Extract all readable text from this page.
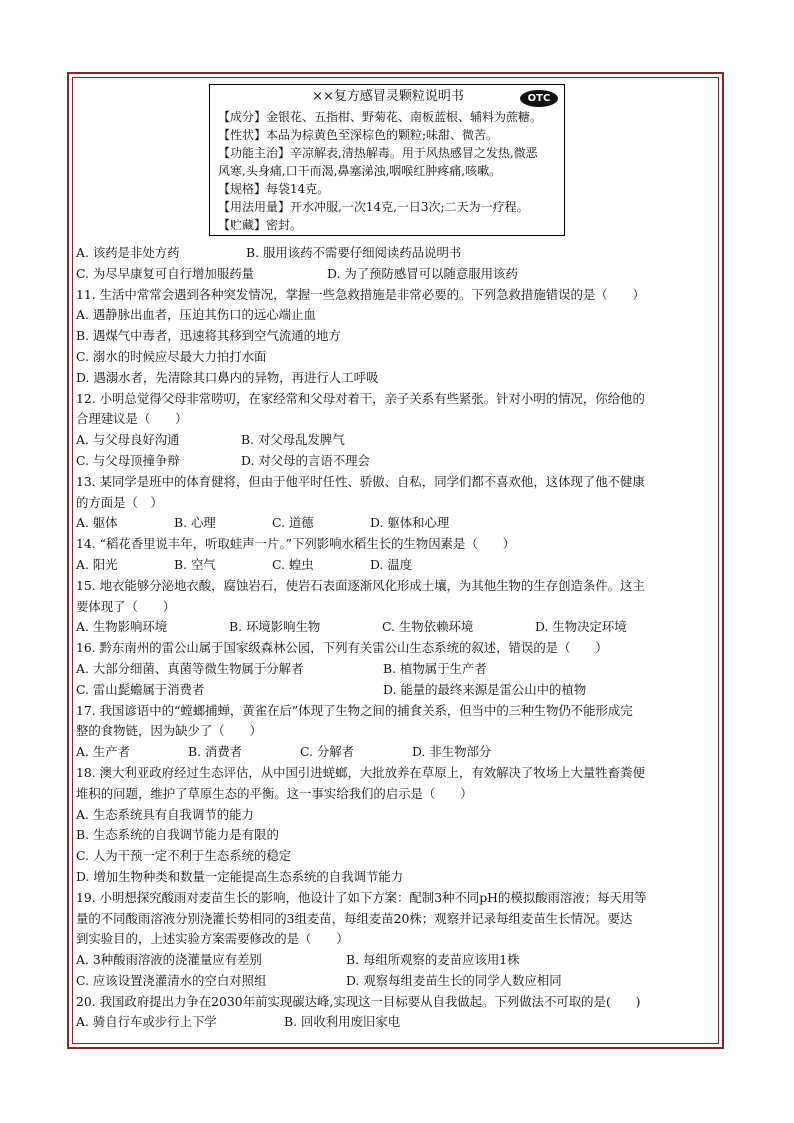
××复方感冒灵颗粒说明书	OTC
【成分】金银花、五指柑、野菊花、南板蓝根、辅料为蔗糖。
【性状】本品为棕黄色至深棕色的颗粒;味甜、微苦。
【功能主治】辛凉解表,清热解毒。用于风热感冒之发热,微恶
风寒,头身痛,口干而渴,鼻塞涕浊,咽喉红肿疼痛,咳嗽。
【规格】每袋14克。
【用法用量】开水冲服,一次14克,一日3次;二天为一疗程。
【贮藏】密封。
A. 该药是非处方药	B. 服用该药不需要仔细阅读药品说明书
C. 为尽早康复可自行增加服药量	D. 为了预防感冒可以随意服用该药
11. 生活中常常会遇到各种突发情况，掌握一些急救措施是非常必要的。下列急救措施错误的是（　　）
A. 遇静脉出血者，压迫其伤口的远心端止血
B. 遇煤气中毒者，迅速将其移到空气流通的地方
C. 溺水的时候应尽最大力拍打水面
D. 遇溺水者，先清除其口鼻内的异物，再进行人工呼吸
12. 小明总觉得父母非常唠叨，在家经常和父母对着干，亲子关系有些紧张。针对小明的情况，你给他的
合理建议是（　　）
A. 与父母良好沟通	B. 对父母乱发脾气
C. 与父母顶撞争辩	D. 对父母的言语不理会
13. 某同学是班中的体育健将，但由于他平时任性、骄傲、自私，同学们都不喜欢他，这体现了他不健康
的方面是（　）
A. 躯体	B. 心理	C. 道德	D. 躯体和心理
14. “稻花香里说丰年，听取蛙声一片。”下列影响水稻生长的生物因素是（　　）
A. 阳光	B. 空气	C. 蝗虫	D. 温度
15. 地衣能够分泌地衣酸，腐蚀岩石，使岩石表面逐渐风化形成土壤，为其他生物的生存创造条件。这主
要体现了（　　）
A. 生物影响环境	B. 环境影响生物	C. 生物依赖环境	D. 生物决定环境
16. 黔东南州的雷公山属于国家级森林公园，下列有关雷公山生态系统的叙述，错误的是（　　）
A. 大部分细菌、真菌等微生物属于分解者	B. 植物属于生产者
C. 雷山髭蟾属于消费者	D. 能量的最终来源是雷公山中的植物
17. 我国谚语中的“螳螂捕蝉，黄雀在后”体现了生物之间的捕食关系，但当中的三种生物仍不能形成完
整的食物链，因为缺少了（　　）
A. 生产者	B. 消费者	C. 分解者	D. 非生物部分
18. 澳大利亚政府经过生态评估，从中国引进蜣螂，大批放养在草原上，有效解决了牧场上大量牲畜粪便
堆积的问题，维护了草原生态的平衡。这一事实给我们的启示是（　　）
A. 生态系统具有自我调节的能力
B. 生态系统的自我调节能力是有限的
C. 人为干预一定不利于生态系统的稳定
D. 增加生物种类和数量一定能提高生态系统的自我调节能力
19. 小明想探究酸雨对麦苗生长的影响，他设计了如下方案：配制3种不同pH的模拟酸雨溶液；每天用等
量的不同酸雨溶液分别浇灌长势相同的3组麦苗，每组麦苗20株；观察并记录每组麦苗生长情况。要达
到实验目的，上述实验方案需要修改的是（　　）
A. 3种酸雨溶液的浇灌量应有差别	B. 每组所观察的麦苗应该用1株
C. 应该设置浇灌清水的空白对照组	D. 观察每组麦苗生长的同学人数应相同
20. 我国政府提出力争在2030年前实现碳达峰,实现这一目标要从自我做起。下列做法不可取的是(　　)
A. 骑自行车或步行上下学	B. 回收利用废旧家电
